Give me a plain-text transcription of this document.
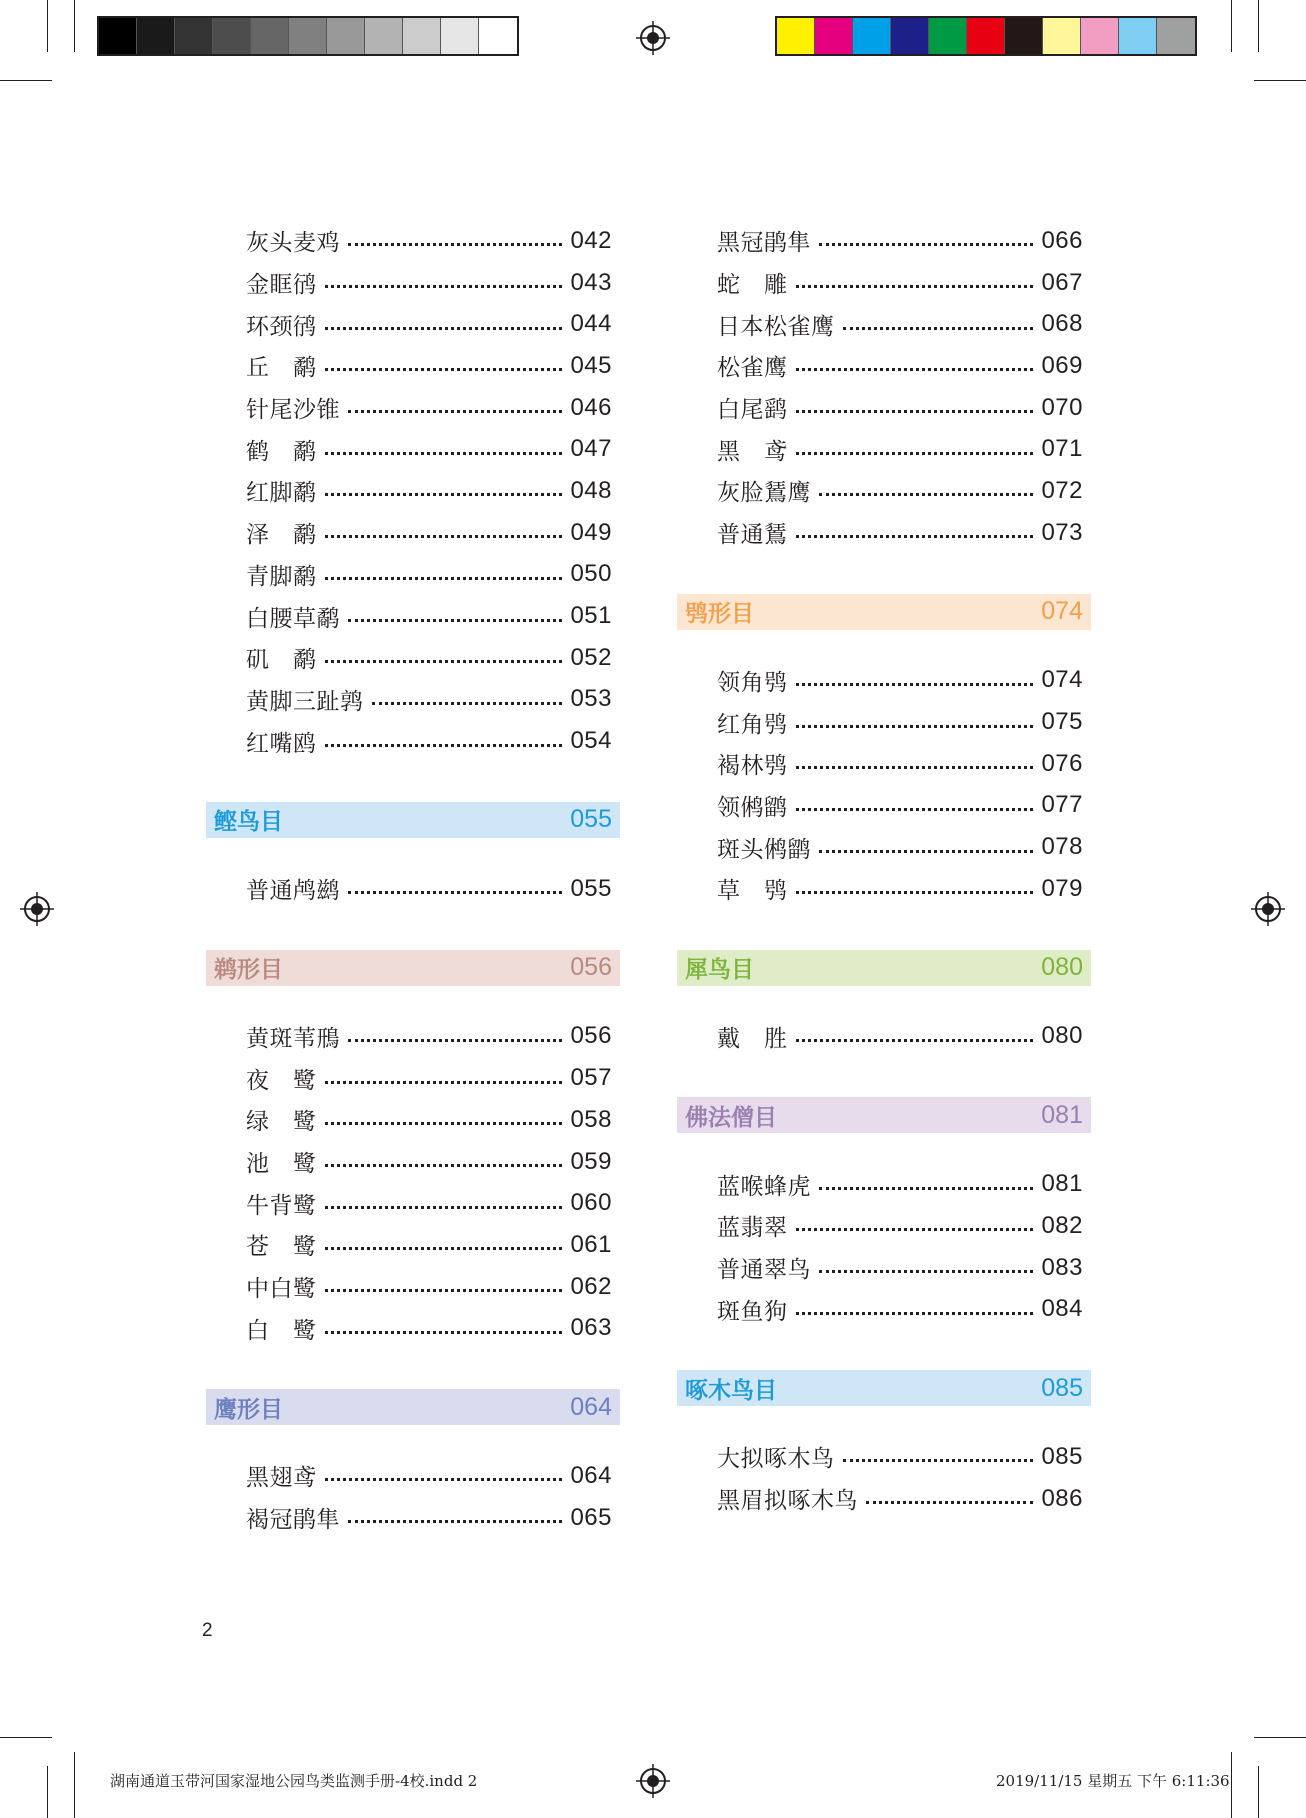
灰头麦鸡	042
金眶鸻	043
环颈鸻	044
丘　鹬	045
针尾沙锥	046
鹤　鹬	047
红脚鹬	048
泽　鹬	049
青脚鹬	050
白腰草鹬	051
矶　鹬	052
黄脚三趾鹑	053
红嘴鸥	054
鲣鸟目	055
普通鸬鹚	055
鹈形目	056
黄斑苇鳽	056
夜　鹭	057
绿　鹭	058
池　鹭	059
牛背鹭	060
苍　鹭	061
中白鹭	062
白　鹭	063
鹰形目	064
黑翅鸢	064
褐冠鹃隼	065
黑冠鹃隼	066
蛇　雕	067
日本松雀鹰	068
松雀鹰	069
白尾鹞	070
黑　鸢	071
灰脸鵟鹰	072
普通鵟	073
鸮形目	074
领角鸮	074
红角鸮	075
褐林鸮	076
领鸺鹠	077
斑头鸺鹠	078
草　鸮	079
犀鸟目	080
戴　胜	080
佛法僧目	081
蓝喉蜂虎	081
蓝翡翠	082
普通翠鸟	083
斑鱼狗	084
啄木鸟目	085
大拟啄木鸟	085
黑眉拟啄木鸟	086
2
湖南通道玉带河国家湿地公园鸟类监测手册-4校.indd 2	2019/11/15 星期五 下午 6:11:36
